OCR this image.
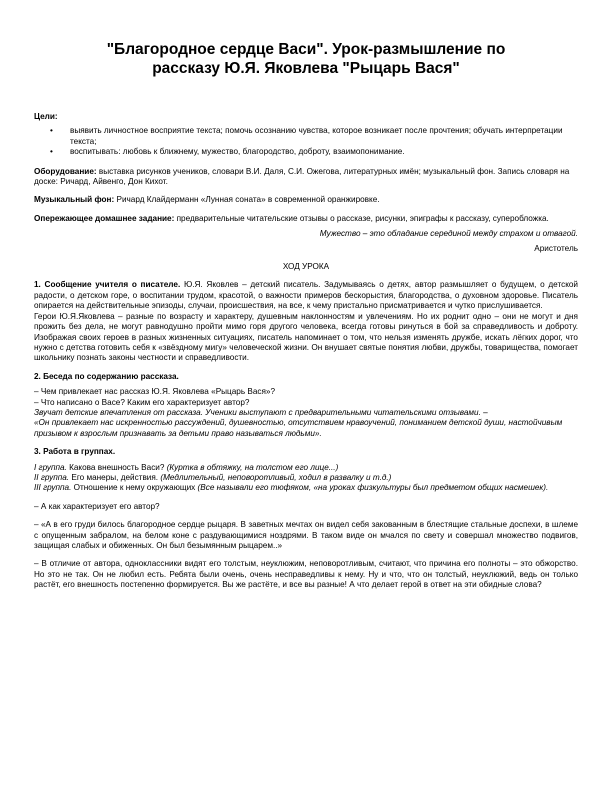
"Благородное сердце Васи". Урок-размышление по
рассказу Ю.Я. Яковлева "Рыцарь Вася"

Цели:

• выявить личностное восприятие текста; помочь осознанию чувства, которое возникает после прочтения; обучать интерпретации текста;
• воспитывать: любовь к ближнему, мужество, благородство, доброту, взаимопонимание.

Оборудование: выставка рисунков учеников, словари В.И. Даля, С.И. Ожегова, литературных имён; музыкальный фон. Запись словаря на доске: Ричард, Айвенго, Дон Кихот.

Музыкальный фон: Ричард Клайдерманн «Лунная соната» в современной оранжировке.

Опережающее домашнее задание: предварительные читательские отзывы о рассказе, рисунки, эпиграфы к рассказу, суперобложка.

Мужество – это обладание серединой между страхом и отвагой.

Аристотель

ХОД УРОКА

1. Сообщение учителя о писателе. Ю.Я. Яковлев – детский писатель. Задумываясь о детях, автор размышляет о будущем, о детской радости, о детском горе, о воспитании трудом, красотой, о важности примеров бескорыстия, благородства, о духовном здоровье. Писатель опирается на действительные эпизоды, случаи, происшествия, на все, к чему пристально присматривается и чутко прислушивается.

Герои Ю.Я.Яковлева – разные по возрасту и характеру, душевным наклонностям и увлечениям. Но их роднит одно – они не могут и дня прожить без дела, не могут равнодушно пройти мимо горя другого человека, всегда готовы ринуться в бой за справедливость и доброту. Изображая своих героев в разных жизненных ситуациях, писатель напоминает о том, что нельзя изменять дружбе, искать лёгких дорог, что нужно с детства готовить себя к «звёздному мигу» человеческой жизни. Он внушает святые понятия любви, дружбы, товарищества, помогает школьнику познать законы честности и справедливости.

2. Беседа по содержанию рассказа.

– Чем привлекает нас рассказ Ю.Я. Яковлева «Рыцарь Вася»?

– Что написано о Васе? Каким его характеризует автор?

Звучат детские впечатления от рассказа. Ученики выступают с предварительными читательскими отзывами. –

«Он привлекает нас искренностью рассуждений, душевностью, отсутствием нравоучений, пониманием детской души, настойчивым призывом к взрослым признавать за детьми право называться людьми».

3. Работа в группах.

I группа. Какова внешность Васи? (Куртка в обтяжку, на толстом его лице...)

II группа. Его манеры, действия. (Медлительный, неповоротливый, ходил в развалку и т.д.)

III группа. Отношение к нему окружающих (Все называли его тюфяком, «на уроках физкультуры был предметом общих насмешек).

– А как характеризует его автор?

– «А в его груди билось благородное сердце рыцаря. В заветных мечтах он видел себя закованным в блестящие стальные доспехи, в шлеме с опущенным забралом, на белом коне с раздувающимися ноздрями. В таком виде он мчался по свету и совершал множество подвигов, защищая слабых и обиженных. Он был безымянным рыцарем..»

– В отличие от автора, одноклассники видят его толстым, неуклюжим, неповоротливым, считают, что причина его полноты – это обжорство. Но это не так. Он не любил есть. Ребята были очень, очень несправедливы к нему. Ну и что, что он толстый, неуклюжий, ведь он только растёт, его внешность постепенно формируется. Вы же растёте, и все вы разные! А что делает герой в ответ на эти обидные слова?
